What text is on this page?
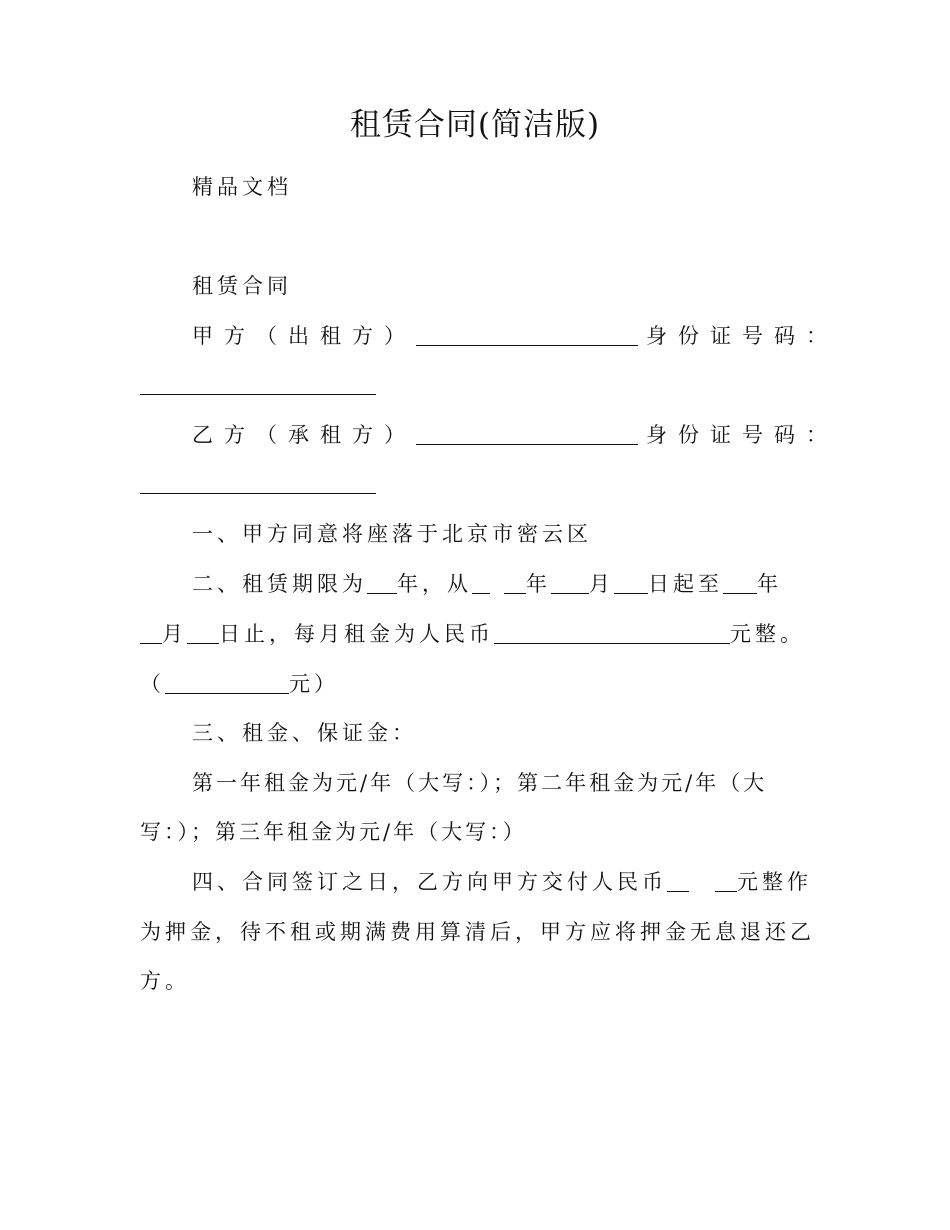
租赁合同(简洁版)
精品文档
租赁合同
甲方（出租方）	身份证号码：
乙方（承租方）	身份证号码：
一、甲方同意将座落于北京市密云区
二、租赁期限为 年，从	年 月 日起至 年
月 日止，每月租金为人民币	元整。
（	元）
三、租金、保证金：
第一年租金为元/年（大写：）；第二年租金为元/年（大
写：）；第三年租金为元/年（大写：）
四、合同签订之日，乙方向甲方交付人民币	元整作
为押金，待不租或期满费用算清后，甲方应将押金无息退还乙
方。
